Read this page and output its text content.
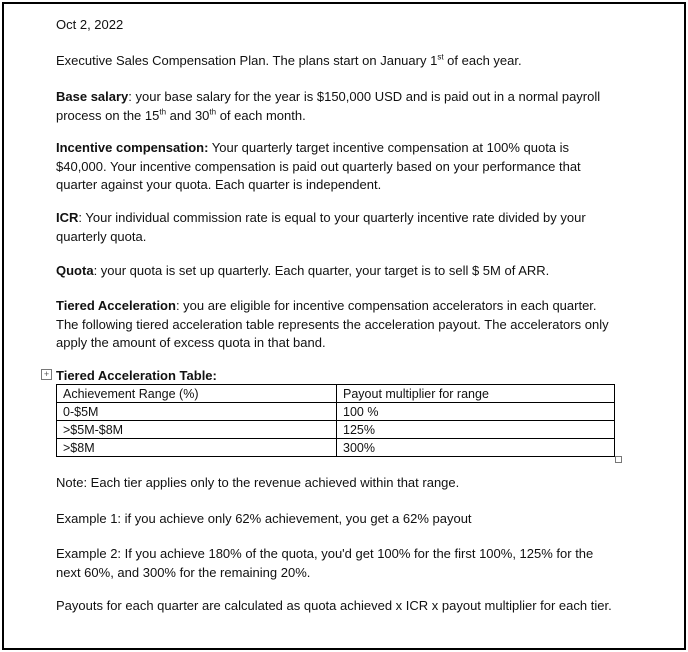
Oct 2, 2022

Executive Sales Compensation Plan. The plans start on January 1st of each year.

Base salary: your base salary for the year is $150,000 USD and is paid out in a normal payroll process on the 15th and 30th of each month.

Incentive compensation: Your quarterly target incentive compensation at 100% quota is $40,000. Your incentive compensation is paid out quarterly based on your performance that quarter against your quota. Each quarter is independent.

ICR: Your individual commission rate is equal to your quarterly incentive rate divided by your quarterly quota.

Quota: your quota is set up quarterly. Each quarter, your target is to sell $ 5M of ARR.

Tiered Acceleration: you are eligible for incentive compensation accelerators in each quarter. The following tiered acceleration table represents the acceleration payout. The accelerators only apply the amount of excess quota in that band.

+ Tiered Acceleration Table:
Achievement Range (%)	Payout multiplier for range
0-$5M	100 %
>$5M-$8M	125%
>$8M	300%

Note: Each tier applies only to the revenue achieved within that range.

Example 1: if you achieve only 62% achievement, you get a 62% payout

Example 2: If you achieve 180% of the quota, you'd get 100% for the first 100%, 125% for the next 60%, and 300% for the remaining 20%.

Payouts for each quarter are calculated as quota achieved x ICR x payout multiplier for each tier.
